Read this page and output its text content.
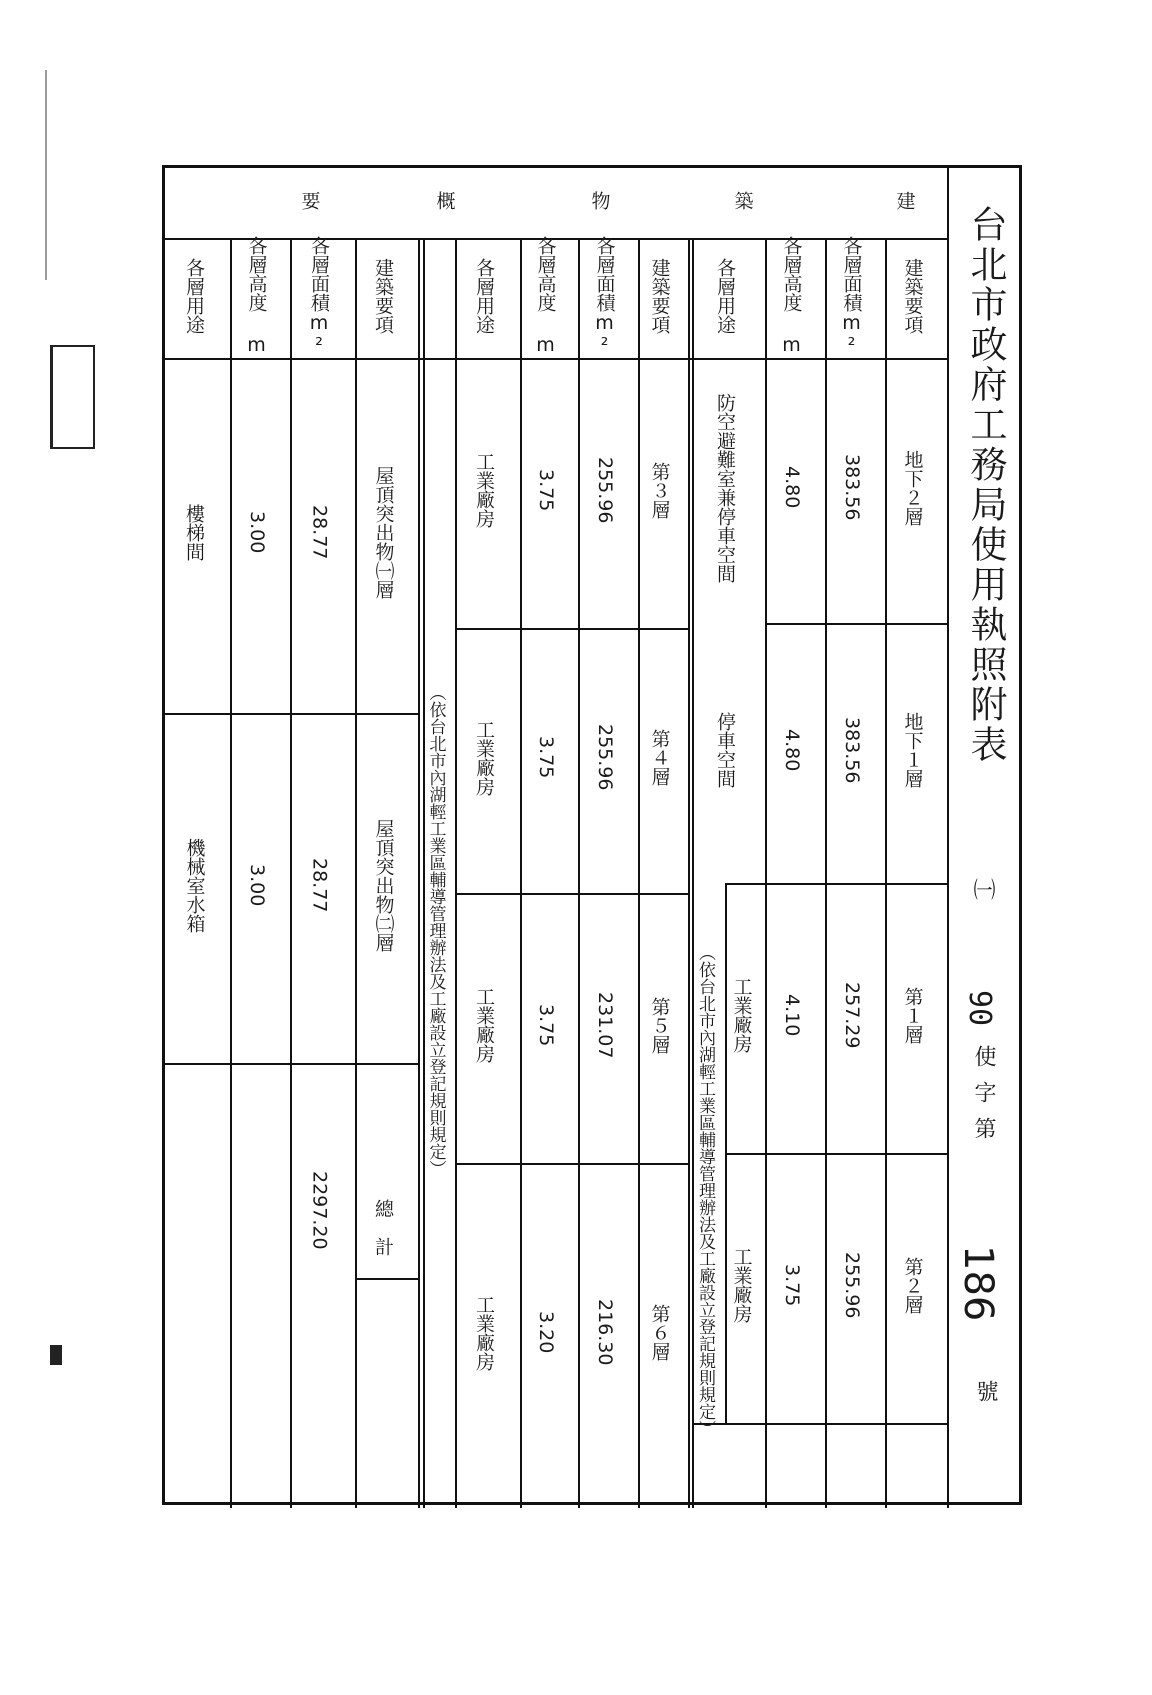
台北市政府工務局使用執照附表
㈠
90
使字第
186
號
建
築
物
概
要
建築要項
各層面積m²
各層高度 m
各層用途
地下２層
383.56
4.80
防空避難室兼停車空間
地下１層
383.56
4.80
停車空間
第１層
257.29
4.10
工業廠房
第２層
255.96
3.75
工業廠房
（依台北市內湖輕工業區輔導管理辦法及工廠設立登記規則規定）
建築要項
各層面積m²
各層高度 m
各層用途
第３層
255.96
3.75
工業廠房
第４層
255.96
3.75
工業廠房
第５層
231.07
3.75
工業廠房
第６層
216.30
3.20
工業廠房
（依台北市內湖輕工業區輔導管理辦法及工廠設立登記規則規定）
建築要項
各層面積m²
各層高度 m
各層用途
屋頂突出物㈠層
28.77
3.00
樓梯間
屋頂突出物㈡層
28.77
3.00
機械室水箱
總　計
2297.20
